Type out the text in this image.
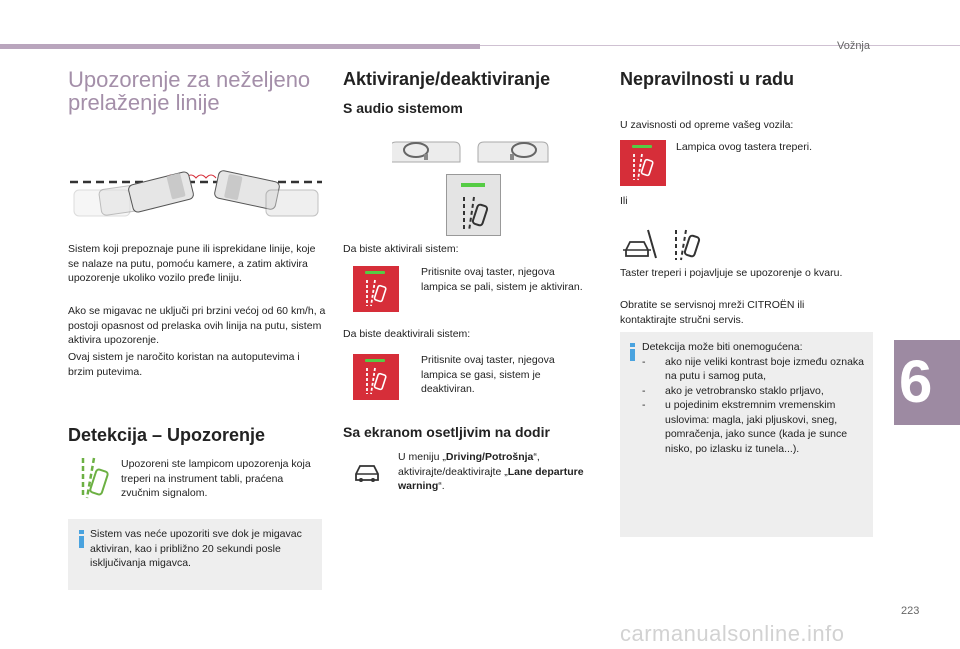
Vožnja
6
Upozorenje za neželjeno prelaženje linije
Sistem koji prepoznaje pune ili isprekidane linije, koje se nalaze na putu, pomoću kamere, a zatim aktivira upozorenje ukoliko vozilo pređe liniju.
Ako se migavac ne uključi pri brzini većoj od 60 km/h, a postoji opasnost od prelaska ovih linija na putu, sistem aktivira upozorenje.
Ovaj sistem je naročito koristan na autoputevima i brzim putevima.
Detekcija – Upozorenje
Upozoreni ste lampicom upozorenja koja treperi na instrument tabli, praćena zvučnim signalom.
Sistem vas neće upozoriti sve dok je migavac aktiviran, kao i približno 20 sekundi posle isključivanja migavca.
Aktiviranje/deaktiviranje
S audio sistemom
Da biste aktivirali sistem:
Pritisnite ovaj taster, njegova lampica se pali, sistem je aktiviran.
Da biste deaktivirali sistem:
Pritisnite ovaj taster, njegova lampica se gasi, sistem je deaktiviran.
Sa ekranom osetljivim na dodir
U meniju „Driving/Potrošnja“, aktivirajte/deaktivirajte „Lane departure warning“.
Nepravilnosti u radu
U zavisnosti od opreme vašeg vozila:
Lampica ovog tastera treperi.
Ili
Taster treperi i pojavljuje se upozorenje o kvaru.
Obratite se servisnoj mreži CITROËN ili kontaktirajte stručni servis.
Detekcija može biti onemogućena:
- ako nije veliki kontrast boje između oznaka na putu i samog puta,
- ako je vetrobransko staklo prljavo,
- u pojedinim ekstremnim vremenskim uslovima: magla, jaki pljuskovi, sneg, pomračenja, jako sunce (kada je sunce nisko, po izlasku iz tunela...).
223
carmanualsonline.info
